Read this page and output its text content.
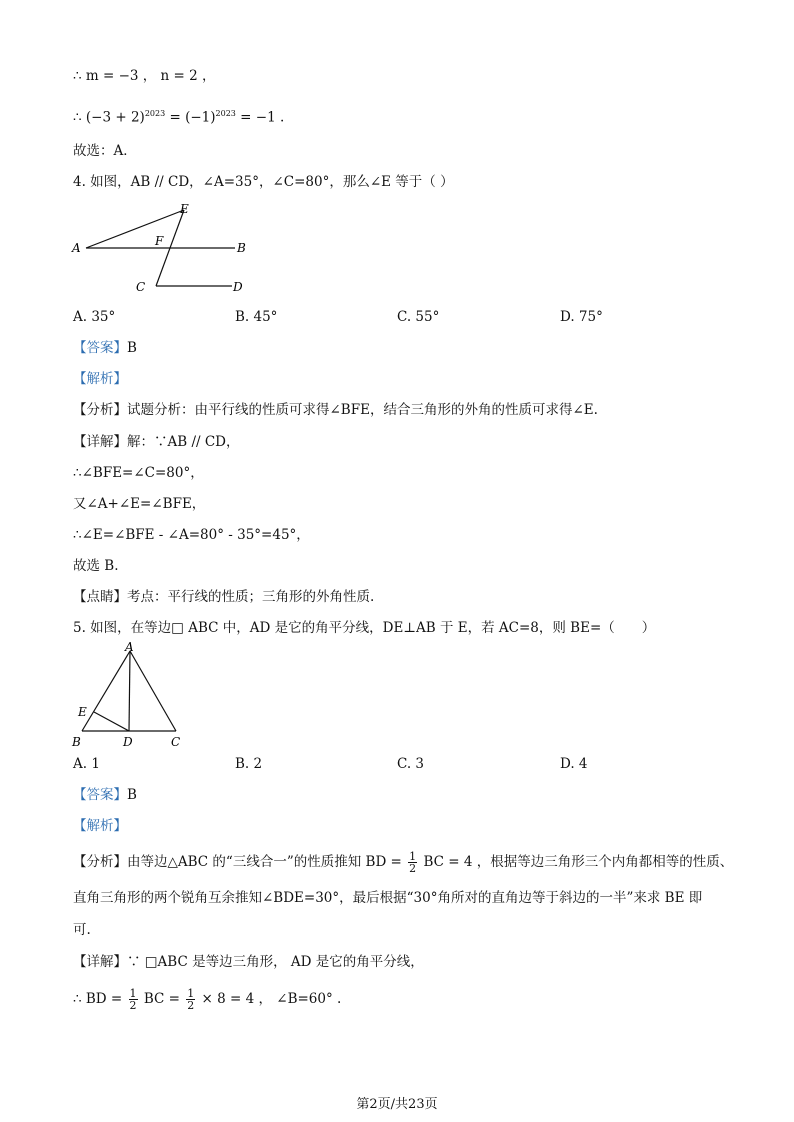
∴ m = −3 ， n = 2 ，
∴ $(-3 + 2)^{2023} = (-1)^{2023} = -1$ .
故选：A．
4. 如图，AB // CD，∠A=35°，∠C=80°，那么∠E 等于（ ）
E
F
A	B
C	D
A. 35°	B. 45°	C. 55°	D. 75°
【答案】B
【解析】
【分析】试题分析：由平行线的性质可求得∠BFE，结合三角形的外角的性质可求得∠E.
【详解】解：∵AB // CD，
∴∠BFE=∠C=80°，
又∠A+∠E=∠BFE，
∴∠E=∠BFE - ∠A=80° - 35°=45°，
故选 B.
【点睛】考点：平行线的性质；三角形的外角性质.
5. 如图，在等边□ ABC 中，AD 是它的角平分线，DE⊥AB 于 E，若 AC=8，则 BE=（　　）
A
E
B	D	C
A. 1	B. 2	C. 3	D. 4
【答案】B
【解析】
【分析】由等边△ABC 的“三线合一”的性质推知 BD = $\frac{1}{2}$ BC = 4 ，根据等边三角形三个内角都相等的性质、
直角三角形的两个锐角互余推知∠BDE=30°，最后根据“30°角所对的直角边等于斜边的一半”来求 BE 即
可.
【详解】∵ □ABC 是等边三角形， AD 是它的角平分线，
∴ BD = $\frac{1}{2}$ BC = $\frac{1}{2} \times 8 = 4$ ， ∠B=60° .
第2页/共23页
